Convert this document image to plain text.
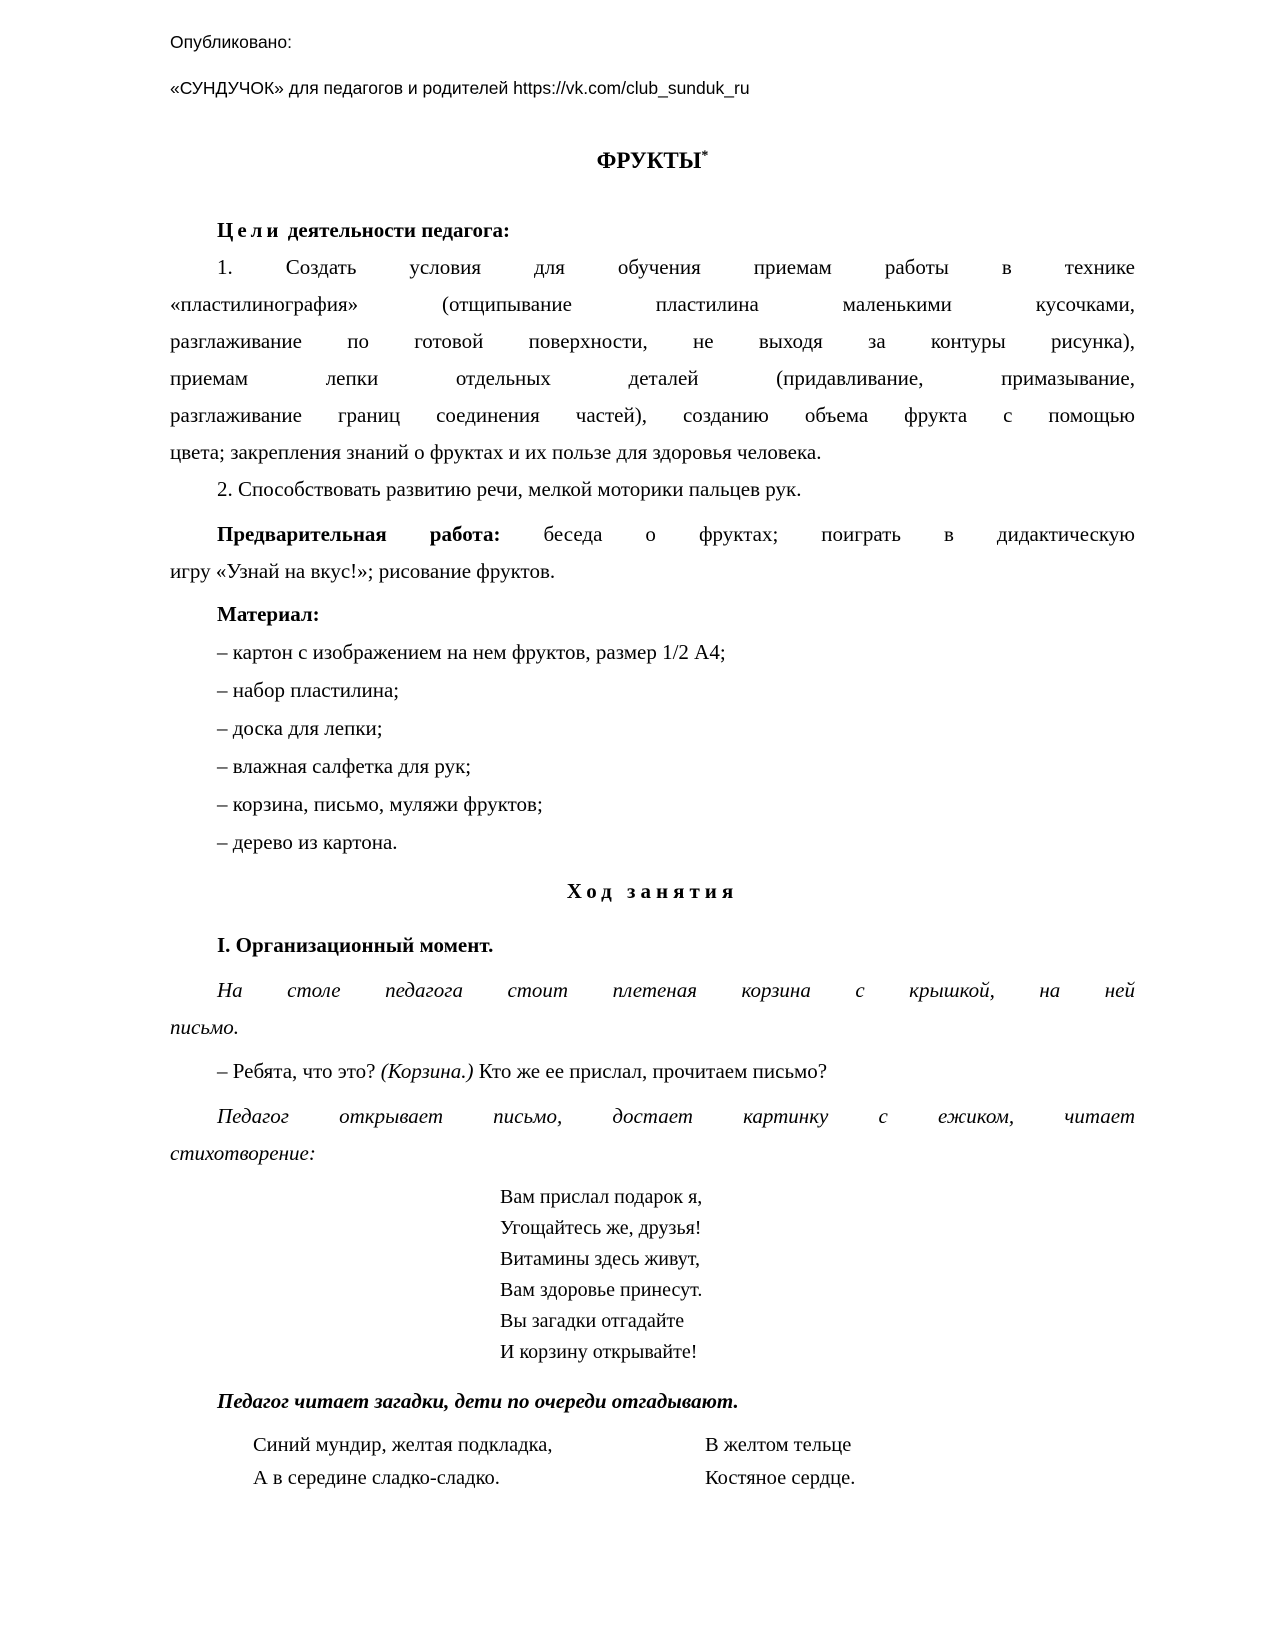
Опубликовано:
«СУНДУЧОК» для педагогов и родителей https://vk.com/club_sunduk_ru
ФРУКТЫ*
Цели деятельности педагога:
1. Создать условия для обучения приемам работы в технике
«пластилинография» (отщипывание пластилина маленькими кусочками,
разглаживание по готовой поверхности, не выходя за контуры рисунка),
приемам лепки отдельных деталей (придавливание, примазывание,
разглаживание границ соединения частей), созданию объема фрукта с помощью
цвета; закрепления знаний о фруктах и их пользе для здоровья человека.
2. Способствовать развитию речи, мелкой моторики пальцев рук.
Предварительная работа: беседа о фруктах; поиграть в дидактическую
игру «Узнай на вкус!»; рисование фруктов.
Материал:
– картон с изображением на нем фруктов, размер 1/2 А4;
– набор пластилина;
– доска для лепки;
– влажная салфетка для рук;
– корзина, письмо, муляжи фруктов;
– дерево из картона.
Ход занятия
I. Организационный момент.
На столе педагога стоит плетеная корзина с крышкой, на ней
письмо.
– Ребята, что это? (Корзина.) Кто же ее прислал, прочитаем письмо?
Педагог открывает письмо, достает картинку с ежиком, читает
стихотворение:
Вам прислал подарок я,
Угощайтесь же, друзья!
Витамины здесь живут,
Вам здоровье принесут.
Вы загадки отгадайте
И корзину открывайте!
Педагог читает загадки, дети по очереди отгадывают.
Синий мундир, желтая подкладка,
А в середине сладко-сладко.
В желтом тельце
Костяное сердце.
